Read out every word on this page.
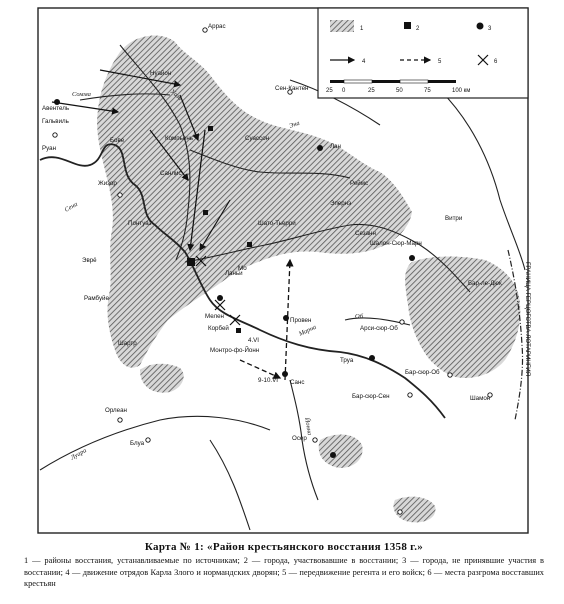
Аррас
Авентель
Гальвиль
Руан
Жизор
Эврё
Сен-Кантен
Лан
Реймс
Нуайон
Суассон
Шалон-Сюр-Марн
Мо
Провен
Санс
Труа
Бар-сюр-Об
Бар-сюр-Сен	Шамон
Мелен
Монтро-фо-Йонн
Корбей
Рамбуйе
Орлеан
Блуа
Осер
Сезанн
Эпернэ
Шато-Тьерри
Компьень
Санлис
Бове
Понтуаз
Ланьи
Шартр
Арси-сюр-Об
Бар-ле-Дюк
Витри
Сена
Уаза
Эна
Марна
Луара
Йонна
Об
Сомма
ГРАНИЦА ГЕРЦОГСТВА ЛОТАРИНГИЯ
9-10.VI
4.VI
1	2	3
4	5	6
25 0	25	50	75	100 км
Карта № 1: «Район крестьянского восстания 1358 г.»
1 — районы восстания, устанавливаемые по источникам; 2 — города, участвовавшие в восстании; 3 — города, не принявшие участия в восстании; 4 — движение отрядов Карла Злого и нормандских дворян; 5 — передвижение регента и его войск; 6 — места разгрома восставших крестьян
